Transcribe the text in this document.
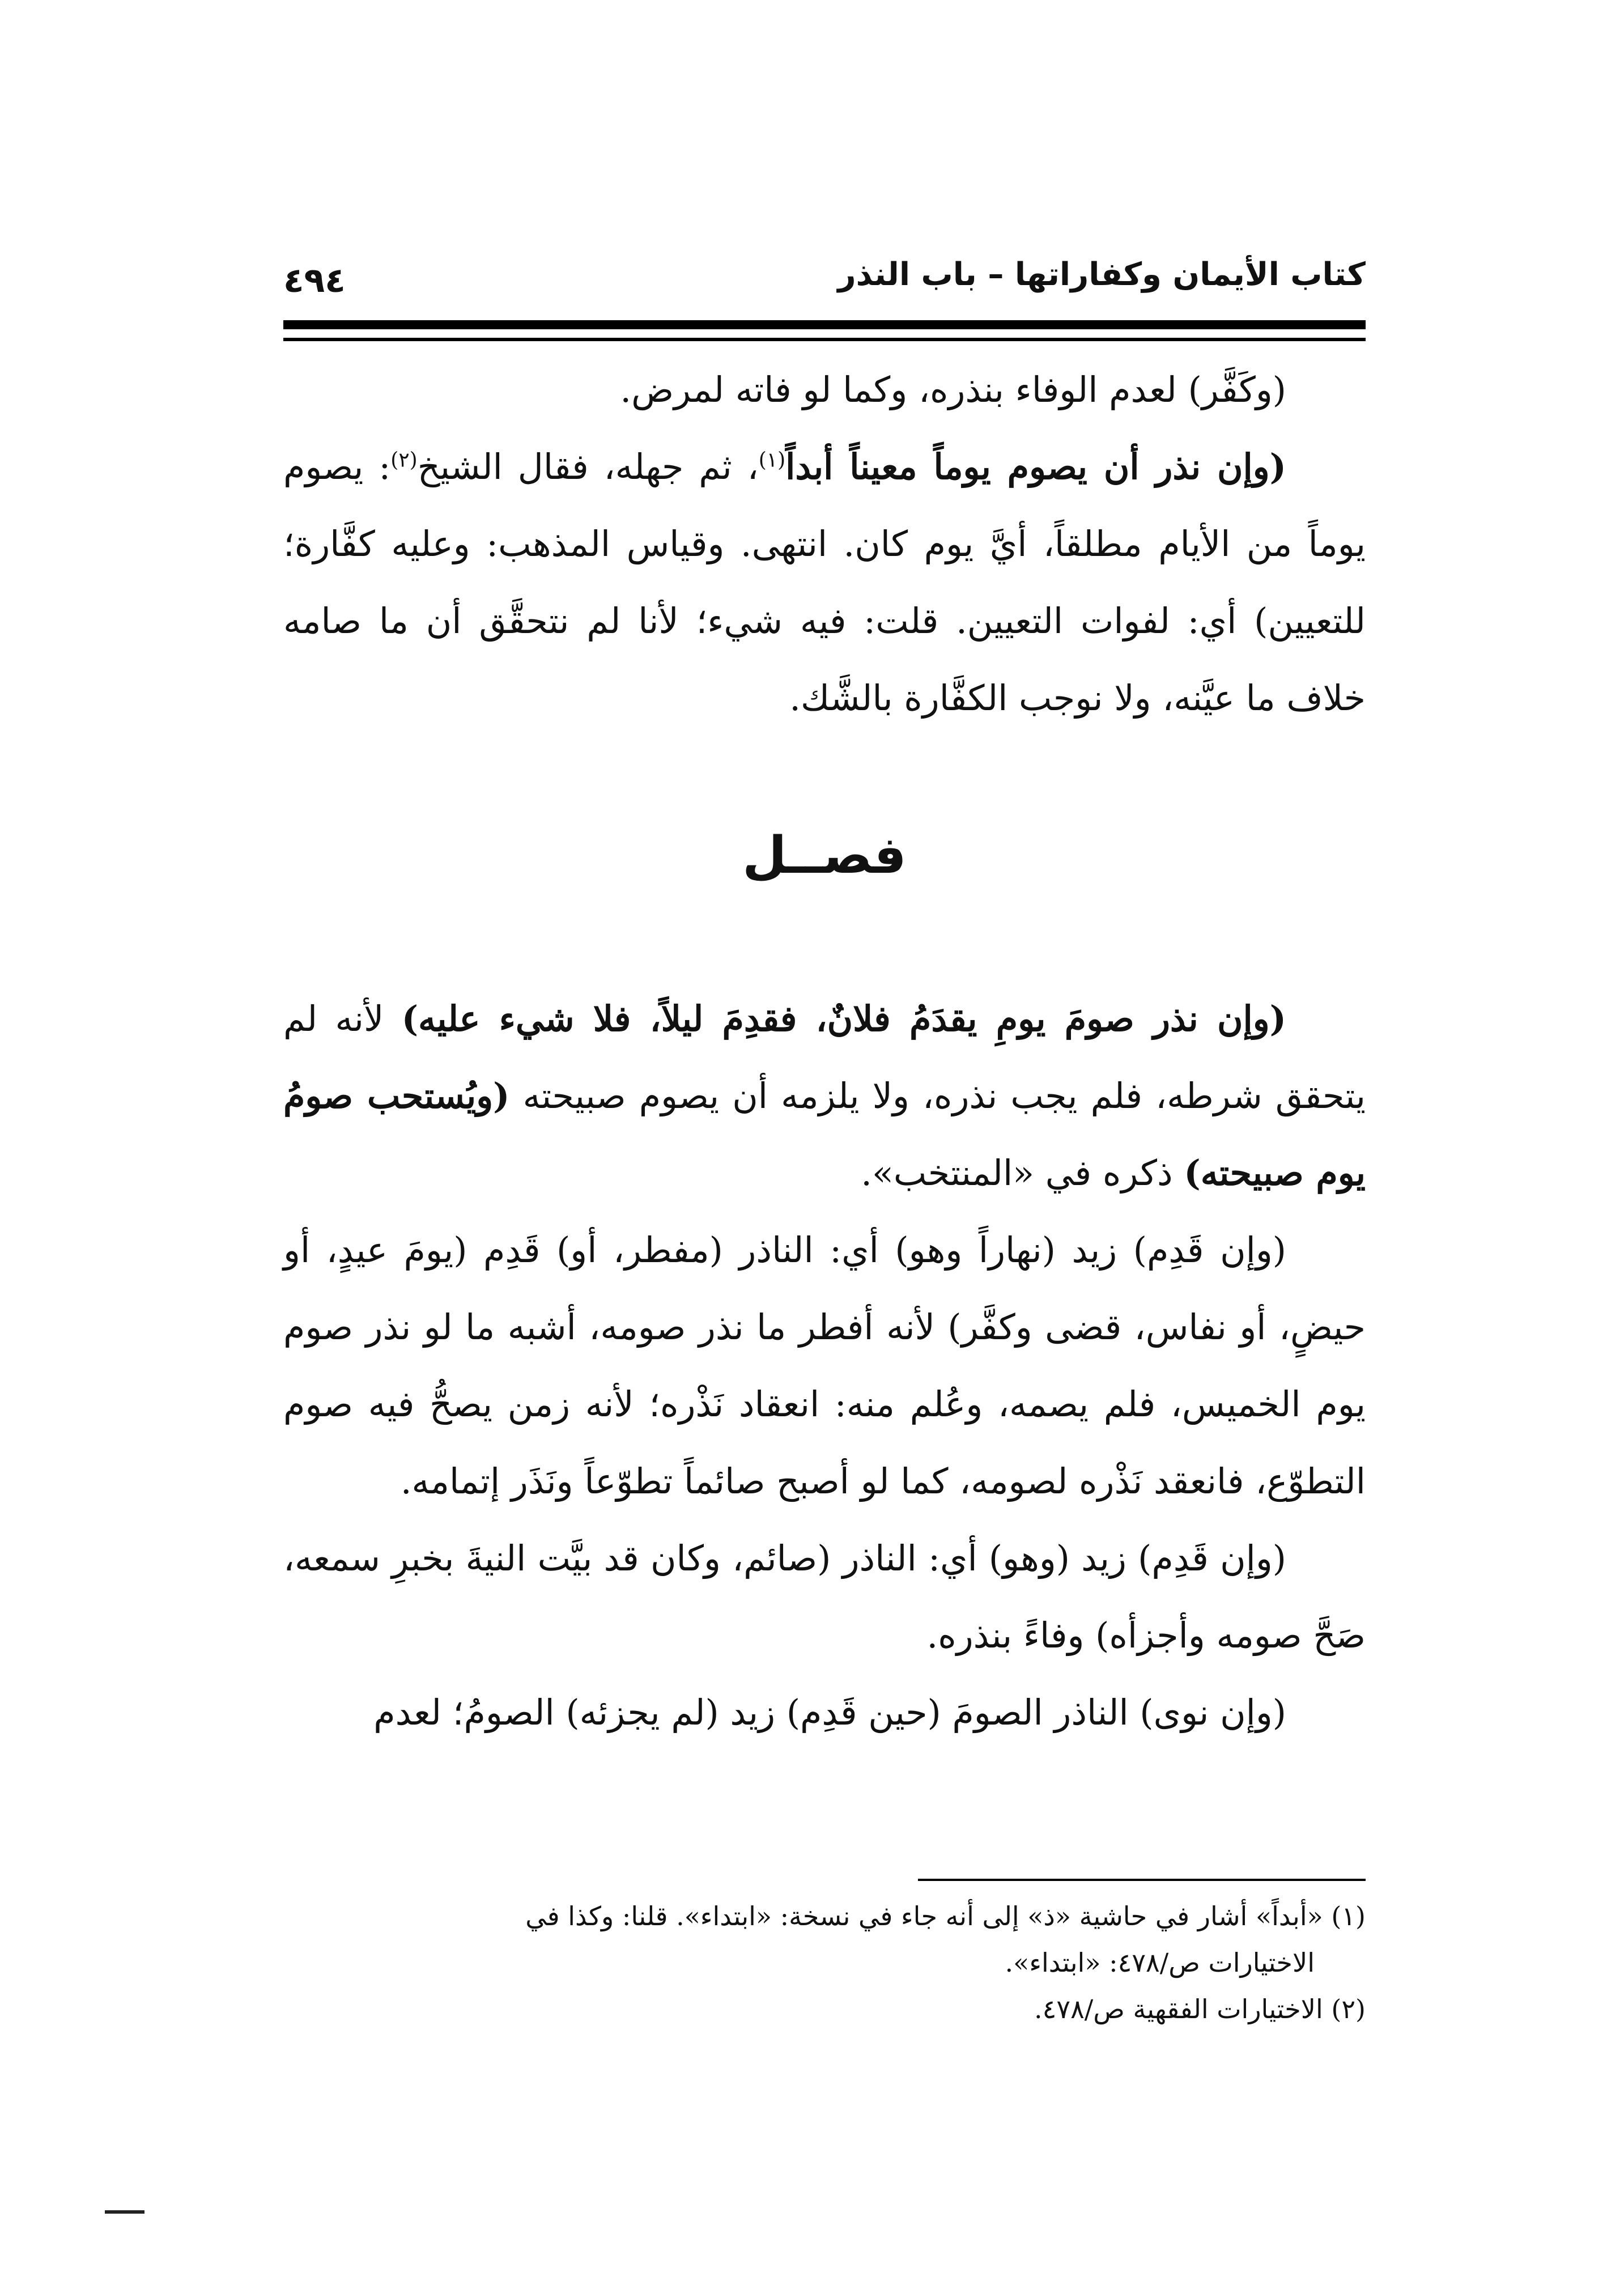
كتاب الأيمان وكفاراتها – باب النذر
٤٩٤

(وكَفَّر) لعدم الوفاء بنذره، وكما لو فاته لمرض.

(وإن نذر أن يصوم يوماً معيناً أبداً$^{(١)}$، ثم جهله، فقال الشيخ$^{(٢)}$: يصوم يوماً من الأيام مطلقاً، أيَّ يوم كان. انتهى. وقياس المذهب: وعليه كفَّارة؛ للتعيين) أي: لفوات التعيين. قلت: فيه شيء؛ لأنا لم نتحقَّق أن ما صامه خلاف ما عيَّنه، ولا نوجب الكفَّارة بالشَّك.

فصــل

(وإن نذر صومَ يومِ يقدَمُ فلانٌ، فقدِمَ ليلاً، فلا شيء عليه) لأنه لم يتحقق شرطه، فلم يجب نذره، ولا يلزمه أن يصوم صبيحته (ويُستحب صومُ يوم صبيحته) ذكره في «المنتخب».

(وإن قَدِم) زيد (نهاراً وهو) أي: الناذر (مفطر، أو) قَدِم (يومَ عيدٍ، أو حيضٍ، أو نفاس، قضى وكفَّر) لأنه أفطر ما نذر صومه، أشبه ما لو نذر صوم يوم الخميس، فلم يصمه، وعُلم منه: انعقاد نَذْره؛ لأنه زمن يصحُّ فيه صوم التطوّع، فانعقد نَذْره لصومه، كما لو أصبح صائماً تطوّعاً ونَذَر إتمامه.

(وإن قَدِم) زيد (وهو) أي: الناذر (صائم، وكان قد بيَّت النيةَ بخبرِ سمعه، صَحَّ صومه وأجزأه) وفاءً بنذره.

(وإن نوى) الناذر الصومَ (حين قَدِم) زيد (لم يجزئه) الصومُ؛ لعدم

(١) «أبداً» أشار في حاشية «ذ» إلى أنه جاء في نسخة: «ابتداء». قلنا: وكذا في

الاختيارات ص/٤٧٨: «ابتداء».

(٢) الاختيارات الفقهية ص/٤٧٨.
